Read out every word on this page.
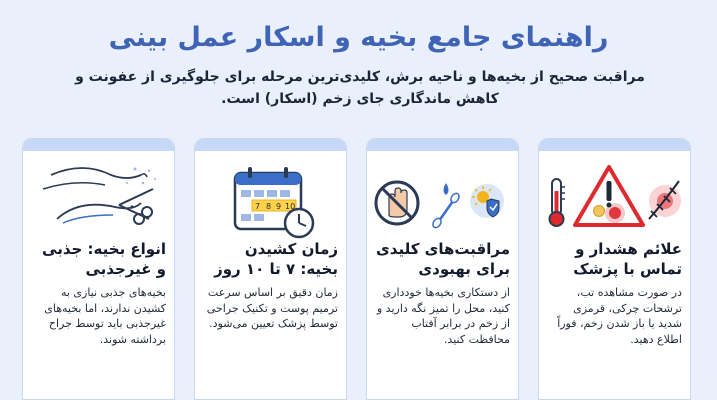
راهنمای جامع بخیه و اسکار عمل بینی
مراقبت صحیح از بخیه‌ها و ناحیه برش، کلیدی‌ترین مرحله برای جلوگیری از عفونت و کاهش ماندگاری جای زخم (اسکار) است.
علائم هشدار و تماس با پزشک
در صورت مشاهده تب، ترشحات چرکی، قرمزی شدید یا باز شدن زخم، فوراً اطلاع دهید.
مراقبت‌های کلیدی برای بهبودی
از دستکاری بخیه‌ها خودداری کنید، محل را تمیز نگه دارید و از زخم در برابر آفتاب محافظت کنید.
7 8 9 10
زمان کشیدن بخیه: ۷ تا ۱۰ روز
زمان دقیق بر اساس سرعت ترمیم پوست و تکنیک جراحی توسط پزشک تعیین می‌شود.
انواع بخیه: جذبی و غیرجذبی
بخیه‌های جذبی نیازی به کشیدن ندارند، اما بخیه‌های غیرجذبی باید توسط جراح برداشته شوند.
